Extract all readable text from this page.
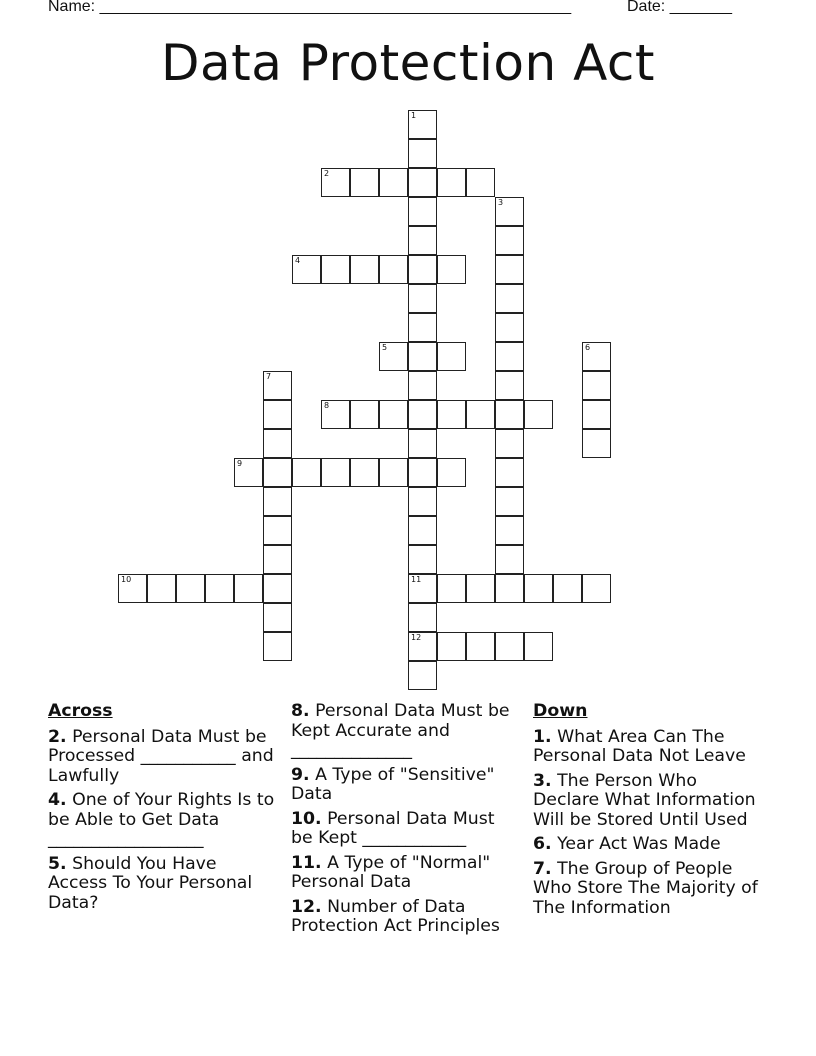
Name: _____________________________________________________	Date: _______
Data Protection Act
1
11
12
2
3
4
5	6
7
8
9
10
Across
2. Personal Data Must be Processed ___________ and Lawfully
4. One of Your Rights Is to be Able to Get Data __________________
5. Should You Have Access To Your Personal Data?
8. Personal Data Must be Kept Accurate and ______________
9. A Type of "Sensitive" Data
10. Personal Data Must be Kept ____________
11. A Type of "Normal" Personal Data
12. Number of Data Protection Act Principles
Down
1. What Area Can The Personal Data Not Leave
3. The Person Who Declare What Information Will be Stored Until Used
6. Year Act Was Made
7. The Group of People Who Store The Majority of The Information
